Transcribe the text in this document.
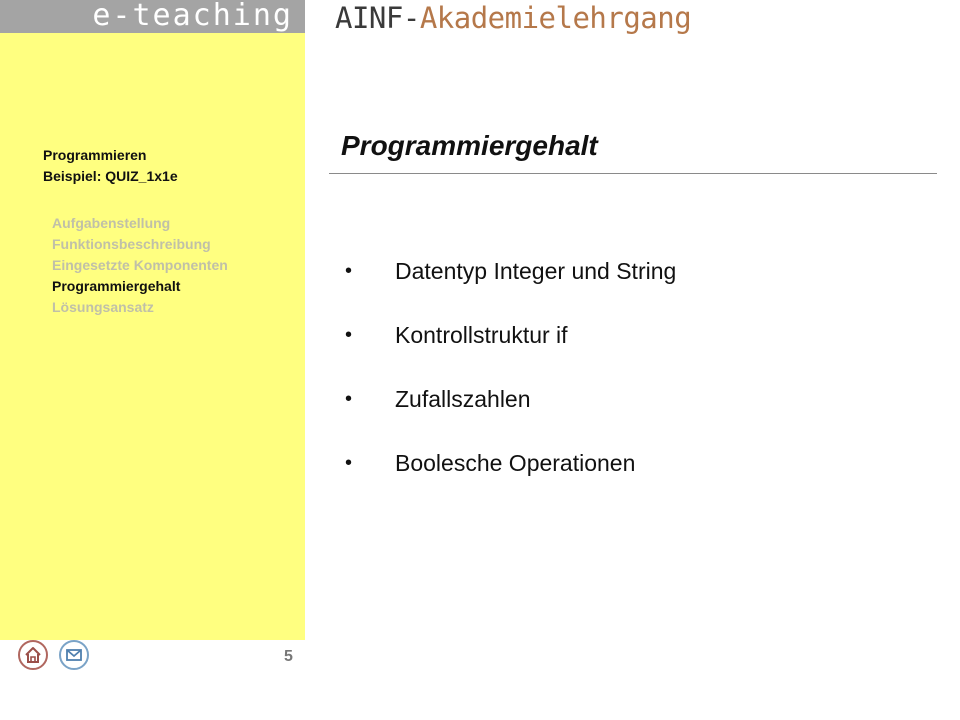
e-teaching AINF-Akademielehrgang
Programmieren
Beispiel: QUIZ_1x1e
Aufgabenstellung
Funktionsbeschreibung
Eingesetzte Komponenten
Programmiergehalt
Lösungsansatz
Programmiergehalt
• Datentyp Integer und String
• Kontrollstruktur if
• Zufallszahlen
• Boolesche Operationen
5
